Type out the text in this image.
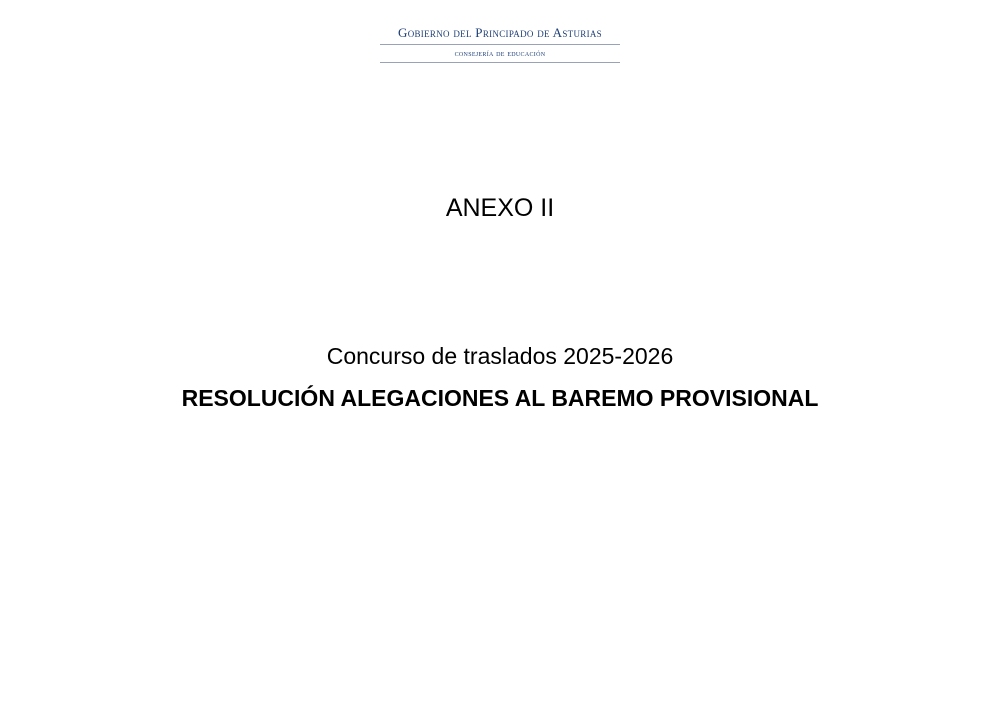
Gobierno del Principado de Asturias
consejería de educación
ANEXO II
Concurso de traslados 2025-2026
RESOLUCIÓN ALEGACIONES AL BAREMO PROVISIONAL
